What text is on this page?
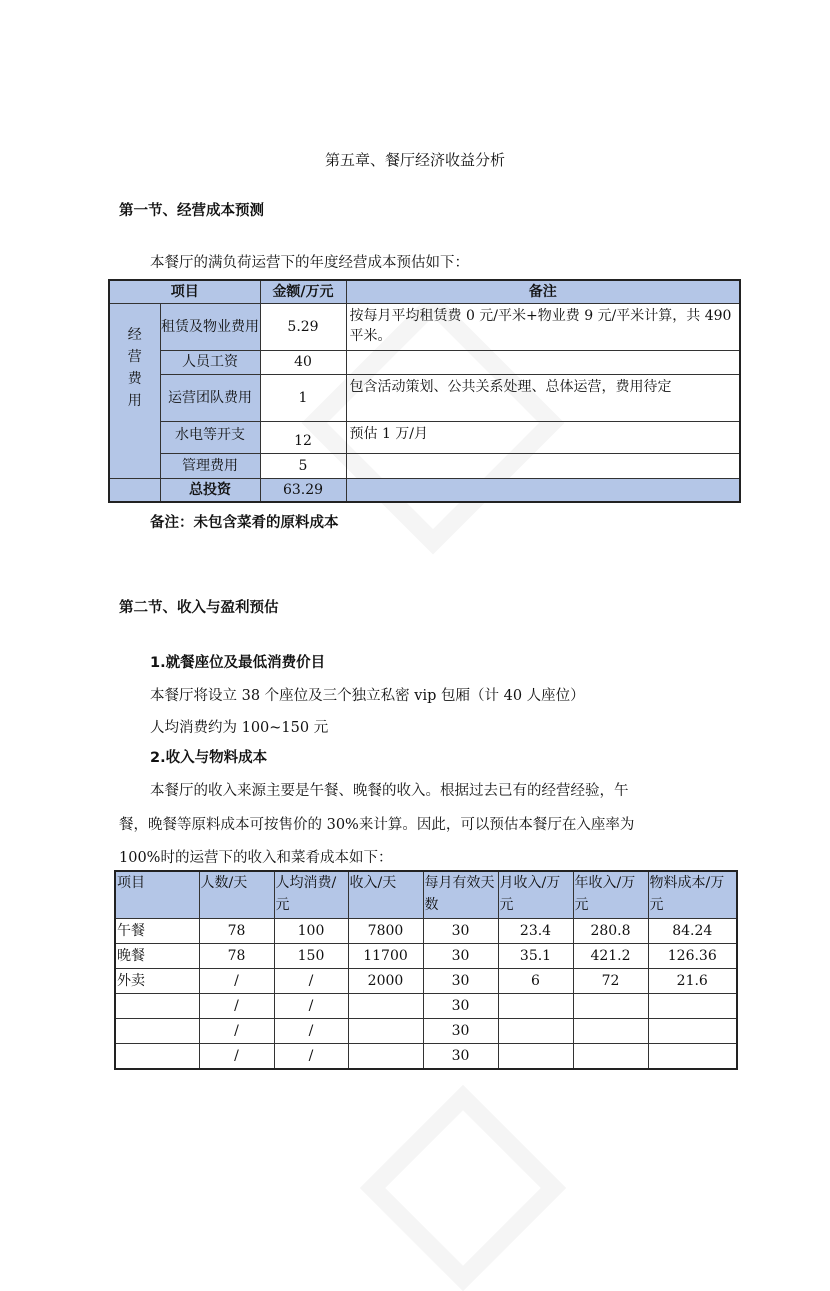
第五章、餐厅经济收益分析
第一节、经营成本预测
本餐厅的满负荷运营下的年度经营成本预估如下：
项目		金额/万元	备注
经营费用	租赁及物业费用	5.29	按每月平均租赁费 0 元/平米+物业费 9 元/平米计算，共 490 平米。
	人员工资	40	
	运营团队费用	1	包含活动策划、公共关系处理、总体运营，费用待定
	水电等开支	12	预估 1 万/月
	管理费用	5	
	总投资	63.29	
备注：未包含菜肴的原料成本
第二节、收入与盈利预估
1.就餐座位及最低消费价目
本餐厅将设立 38 个座位及三个独立私密 vip 包厢（计 40 人座位）
人均消费约为 100~150 元
2.收入与物料成本
本餐厅的收入来源主要是午餐、晚餐的收入。根据过去已有的经营经验，午
餐，晚餐等原料成本可按售价的 30%来计算。因此，可以预估本餐厅在入座率为
100%时的运营下的收入和菜肴成本如下：
项目	人数/天	人均消费/元	收入/天	每月有效天数	月收入/万元	年收入/万元	物料成本/万元
午餐	78	100	7800	30	23.4	280.8	84.24
晚餐	78	150	11700	30	35.1	421.2	126.36
外卖	/	/	2000	30	6	72	21.6
	/	/		30			
	/	/		30			
	/	/		30			
